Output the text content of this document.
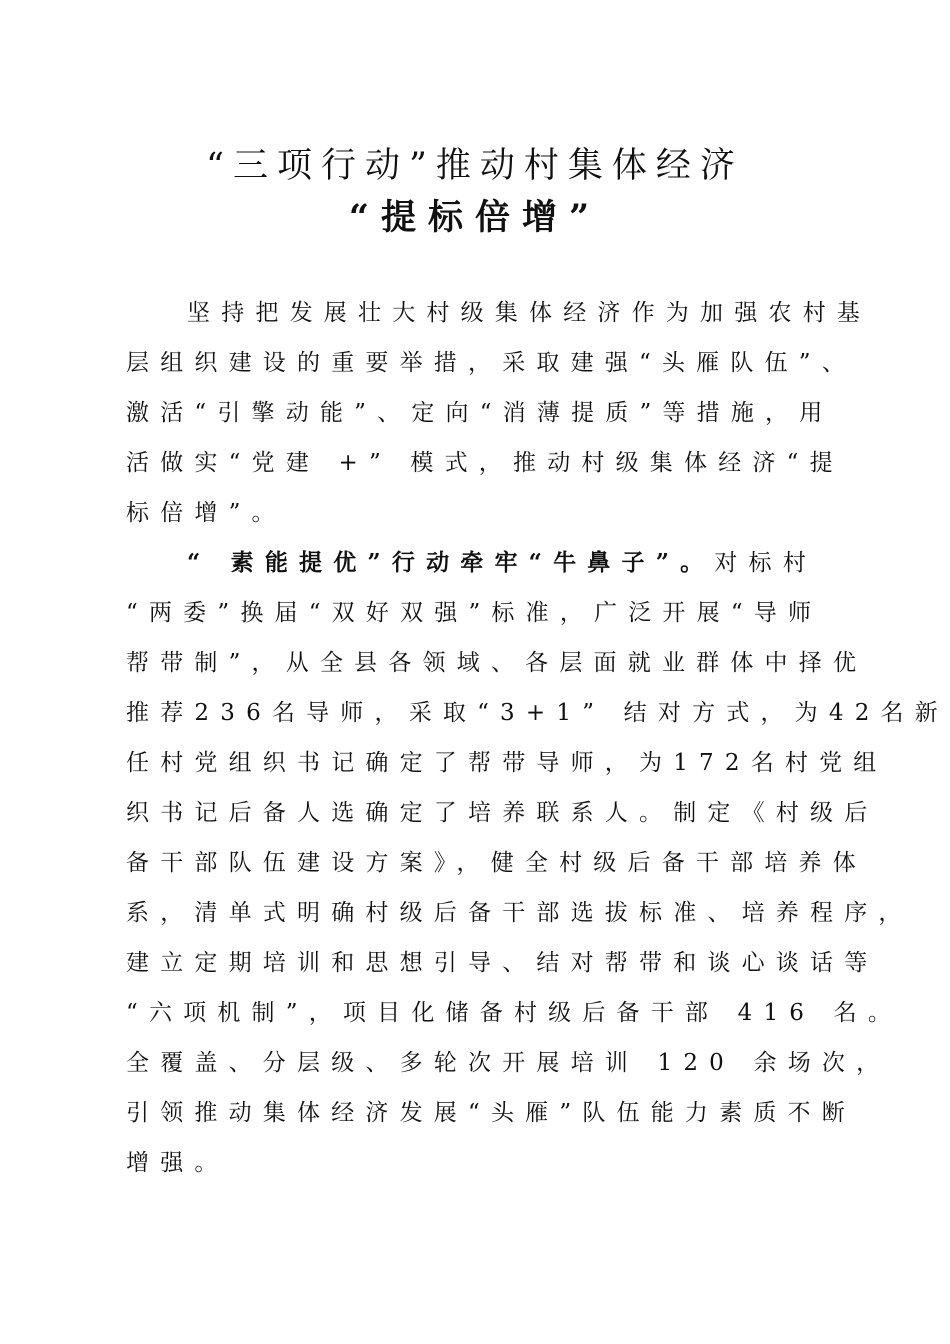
“三项行动”推动村集体经济
“提标倍增”
坚持把发展壮大村级集体经济作为加强农村基
层组织建设的重要举措，采取建强“头雁队伍”、
激活“引擎动能”、定向“消薄提质”等措施，用
活做实“党建 +” 模式，推动村级集体经济“提
标倍增”。
“ 素能提优”行动牵牢“牛鼻子”。对标村
“两委”换届“双好双强”标准，广泛开展“导师
帮带制”，从全县各领域、各层面就业群体中择优
推荐236名导师，采取“3+1” 结对方式，为42名新
任村党组织书记确定了帮带导师，为172名村党组
织书记后备人选确定了培养联系人。制定《村级后
备干部队伍建设方案》，健全村级后备干部培养体
系，清单式明确村级后备干部选拔标准、培养程序，
建立定期培训和思想引导、结对帮带和谈心谈话等
“六项机制”，项目化储备村级后备干部 416 名。
全覆盖、分层级、多轮次开展培训 120 余场次，
引领推动集体经济发展“头雁”队伍能力素质不断
增强。
